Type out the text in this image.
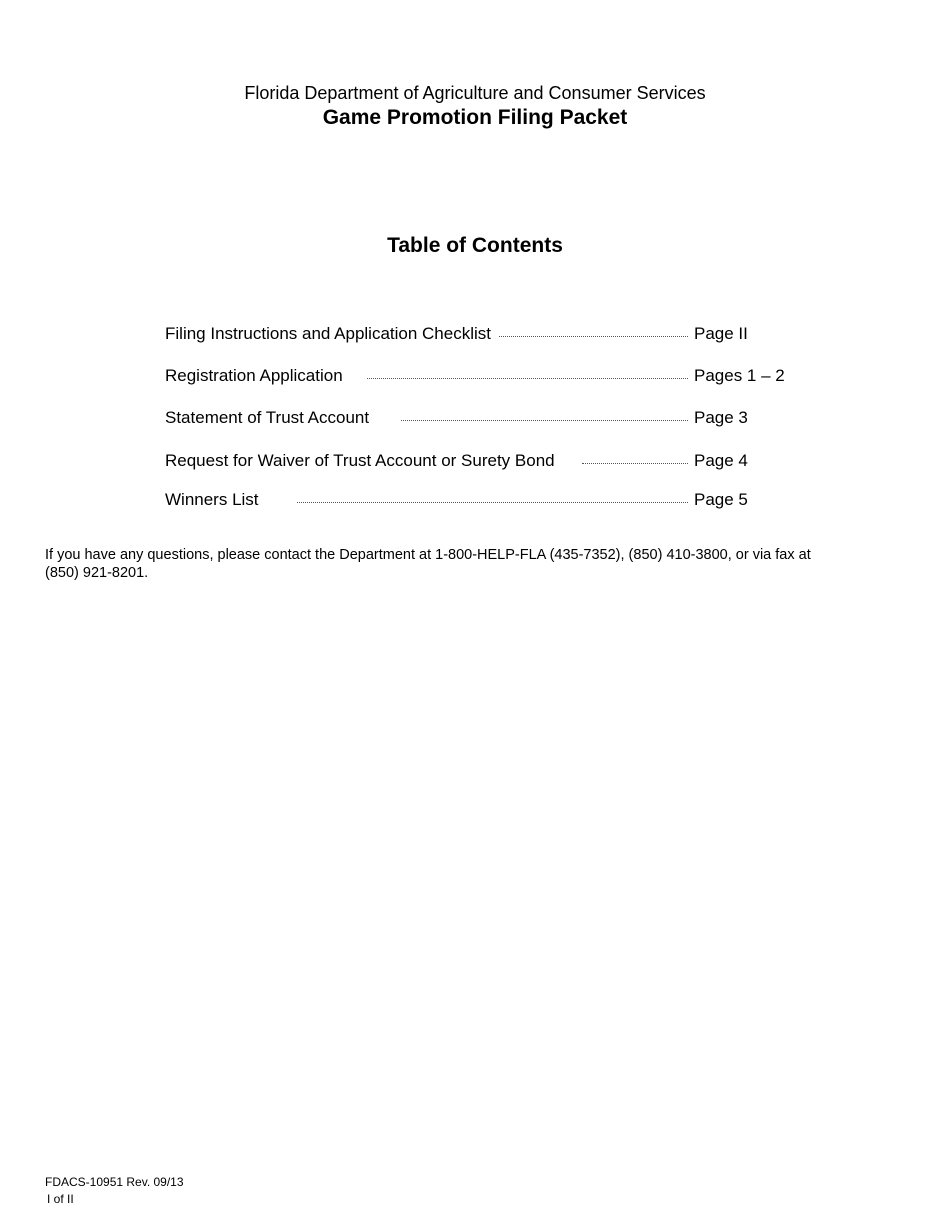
Florida Department of Agriculture and Consumer Services
Game Promotion Filing Packet
Table of Contents
Filing Instructions and Application Checklist	Page II
Registration Application	Pages 1 – 2
Statement of Trust Account	Page 3
Request for Waiver of Trust Account or Surety Bond	Page 4
Winners List	Page 5
If you have any questions, please contact the Department at 1-800-HELP-FLA (435-7352), (850) 410-3800, or via fax at (850) 921-8201.
FDACS-10951 Rev. 09/13
I of II
